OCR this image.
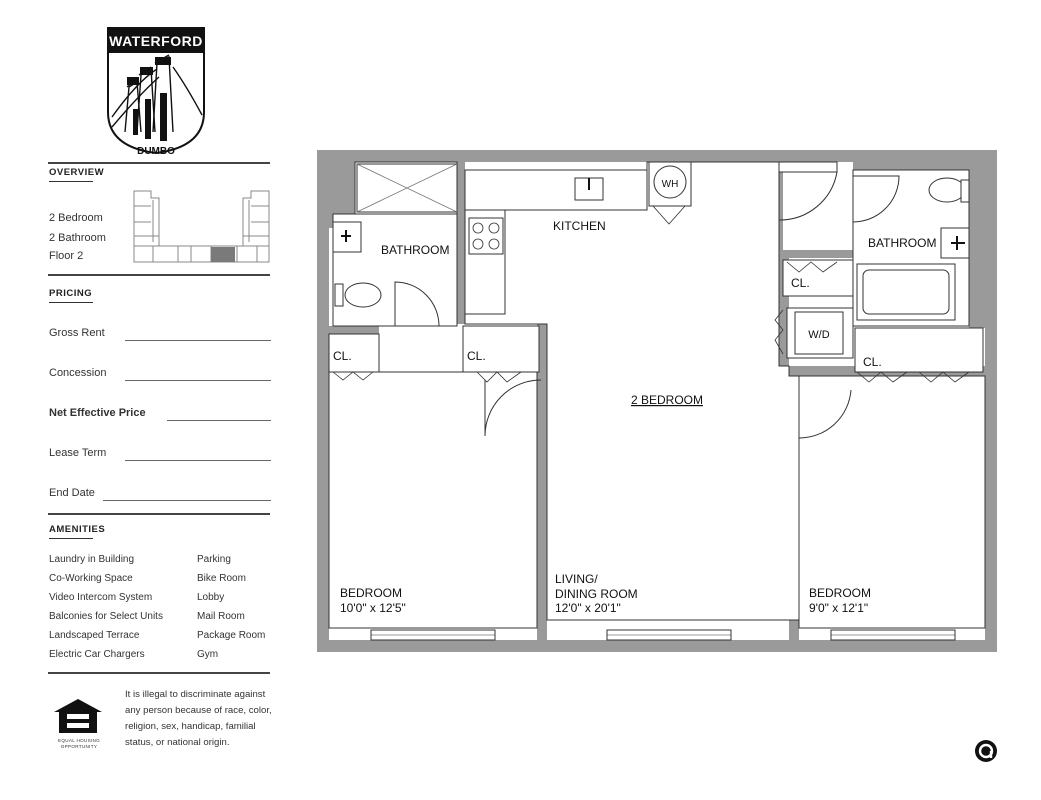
WATERFORD
DUMBO
OVERVIEW
2 Bedroom
2 Bathroom
Floor 2
PRICING
Gross Rent
Concession
Net Effective Price
Lease Term
End Date
AMENITIES
Laundry in Building
Co-Working Space
Video Intercom System
Balconies for Select Units
Landscaped Terrace
Electric Car Chargers
Parking
Bike Room
Lobby
Mail Room
Package Room
Gym
EQUAL HOUSING
OPPORTUNITY
It is illegal to discriminate against any person because of race, color, religion, sex, handicap, familial status, or national origin.
KITCHEN
BATHROOM	BATHROOM
WH
W/D
CL.	CL.
CL.
CL.
2 BEDROOM
BEDROOM
10'0" x 12'5"
LIVING/
DINING ROOM
12'0" x 20'1"
BEDROOM
9'0" x 12'1"
